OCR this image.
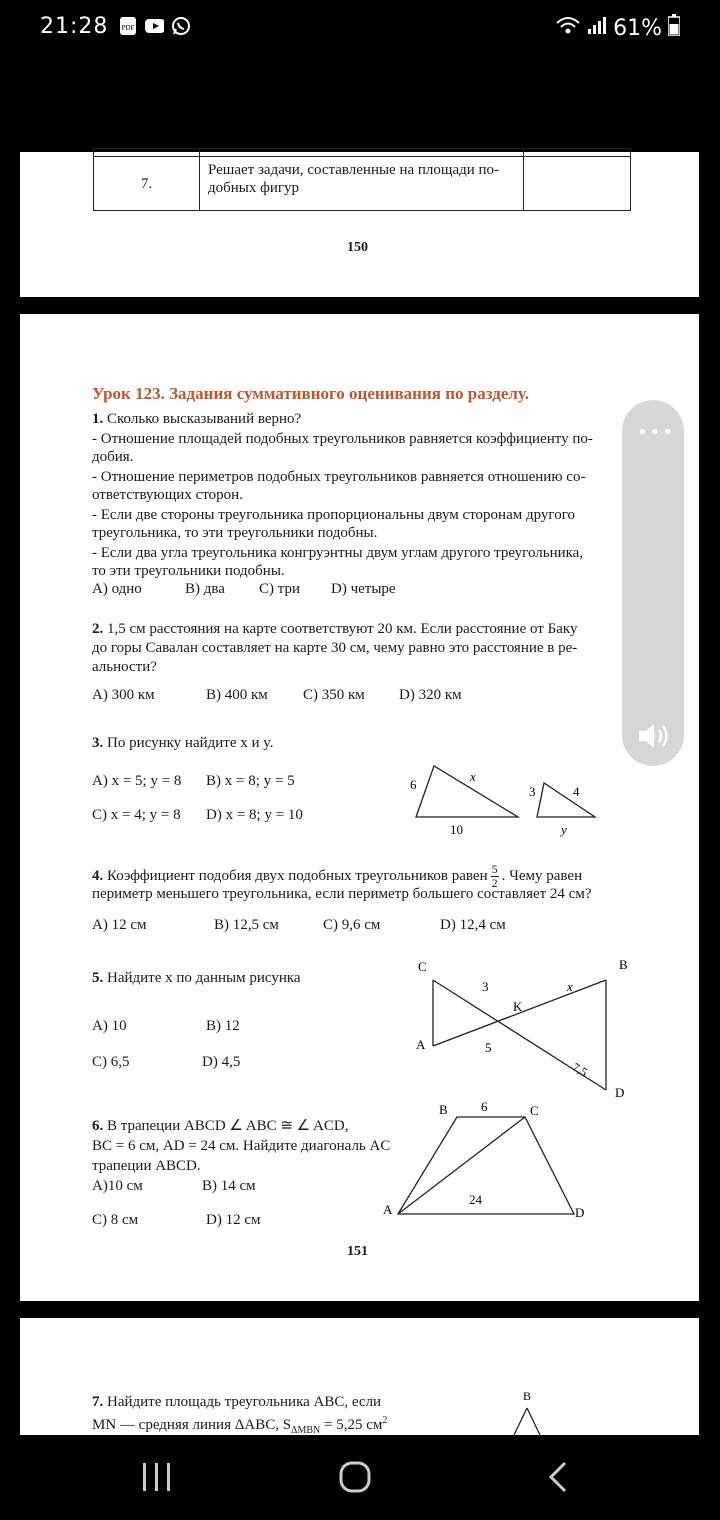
21:28 PDF	61%

7.	Решает задачи, составленные на площади по-
добных фигур	

150
Урок 123. Задания суммативного оценивания по разделу.
1. Сколько высказываний верно?
- Отношение площадей подобных треугольников равняется коэффициенту по-
добия.
- Отношение периметров подобных треугольников равняется отношению со-
ответствующих сторон.
- Если две стороны треугольника пропорциональны двум сторонам другого
треугольника, то эти треугольники подобны.
- Если два угла треугольника конгруэнтны двум углам другого треугольника,
то эти треугольники подобны.
A) одно	B) два C) три D) четыре
2. 1,5 см расстояния на карте соответствуют 20 км. Если расстояние от Баку
до горы Савалан составляет на карте 30 см, чему равно это расстояние в ре-
альности?
A) 300 км	B) 400 км C) 350 км D) 320 км
3. По рисунку найдите x и y.
A) x = 5; y = 8 B) x = 8; y = 5
C) x = 4; y = 8 D) x = 8; y = 10
6
x
10
3	4
y
4. Коэффициент подобия двух подобных треугольников равен $\frac{5}{2}$ . Чему равен
периметр меньшего треугольника, если периметр большего составляет 24 см?
A) 12 см	B) 12,5 см	C) 9,6 см	D) 12,4 см
5. Найдите x по данным рисунка
A) 10	B) 12
C) 6,5	D) 4,5
C	B
K
A
D
3	x
5
7,5
6. В трапеции ABCD ∠ ABC ≅ ∠ ACD,
BC = 6 см, AD = 24 см. Найдите диагональ AC
трапеции ABCD.
A)10 см	B) 14 см
C) 8 см	D) 12 см
B	C
A	D
6
24
151
7. Найдите площадь треугольника ABC, если
MN — средняя линия ΔABC, $S_{\Delta MBN} = 5,25$ $см^2$
B
•••
